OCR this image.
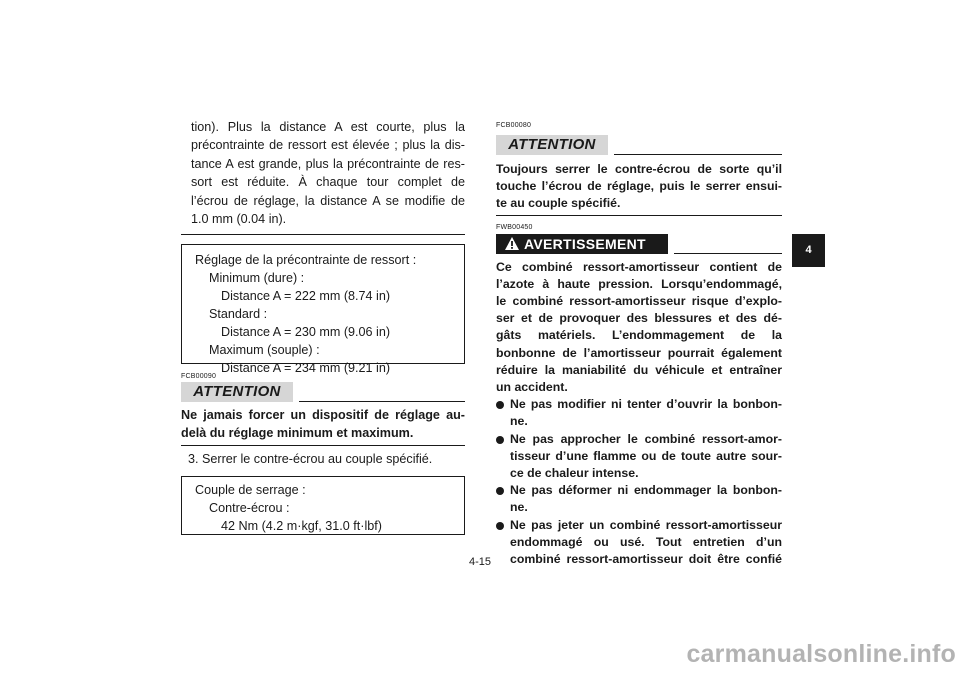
tion). Plus la distance A est courte, plus la
précontrainte de ressort est élevée ; plus la dis-
tance A est grande, plus la précontrainte de res-
sort est réduite. À chaque tour complet de
l’écrou de réglage, la distance A se modifie de
1.0 mm (0.04 in).
Réglage de la précontrainte de ressort :
Minimum (dure) :
Distance A = 222 mm (8.74 in)
Standard :
Distance A = 230 mm (9.06 in)
Maximum (souple) :
Distance A = 234 mm (9.21 in)
FCB00090
ATTENTION
Ne jamais forcer un dispositif de réglage au-
delà du réglage minimum et maximum.
3. Serrer le contre-écrou au couple spécifié.
Couple de serrage :
Contre-écrou :
42 Nm (4.2 m·kgf, 31.0 ft·lbf)
FCB00080
ATTENTION
Toujours serrer le contre-écrou de sorte qu’il
touche l’écrou de réglage, puis le serrer ensui-
te au couple spécifié.
FWB00450
AVERTISSEMENT
Ce combiné ressort-amortisseur contient de
l’azote à haute pression. Lorsqu’endommagé,
le combiné ressort-amortisseur risque d’explo-
ser et de provoquer des blessures et des dé-
gâts matériels. L’endommagement de la
bonbonne de l’amortisseur pourrait également
réduire la maniabilité du véhicule et entraîner
un accident.
Ne pas modifier ni tenter d’ouvrir la bonbon-
ne.
Ne pas approcher le combiné ressort-amor-
tisseur d’une flamme ou de toute autre sour-
ce de chaleur intense.
Ne pas déformer ni endommager la bonbon-
ne.
Ne pas jeter un combiné ressort-amortisseur
endommagé ou usé. Tout entretien d’un
combiné ressort-amortisseur doit être confié
4
4-15
carmanualsonline.info
